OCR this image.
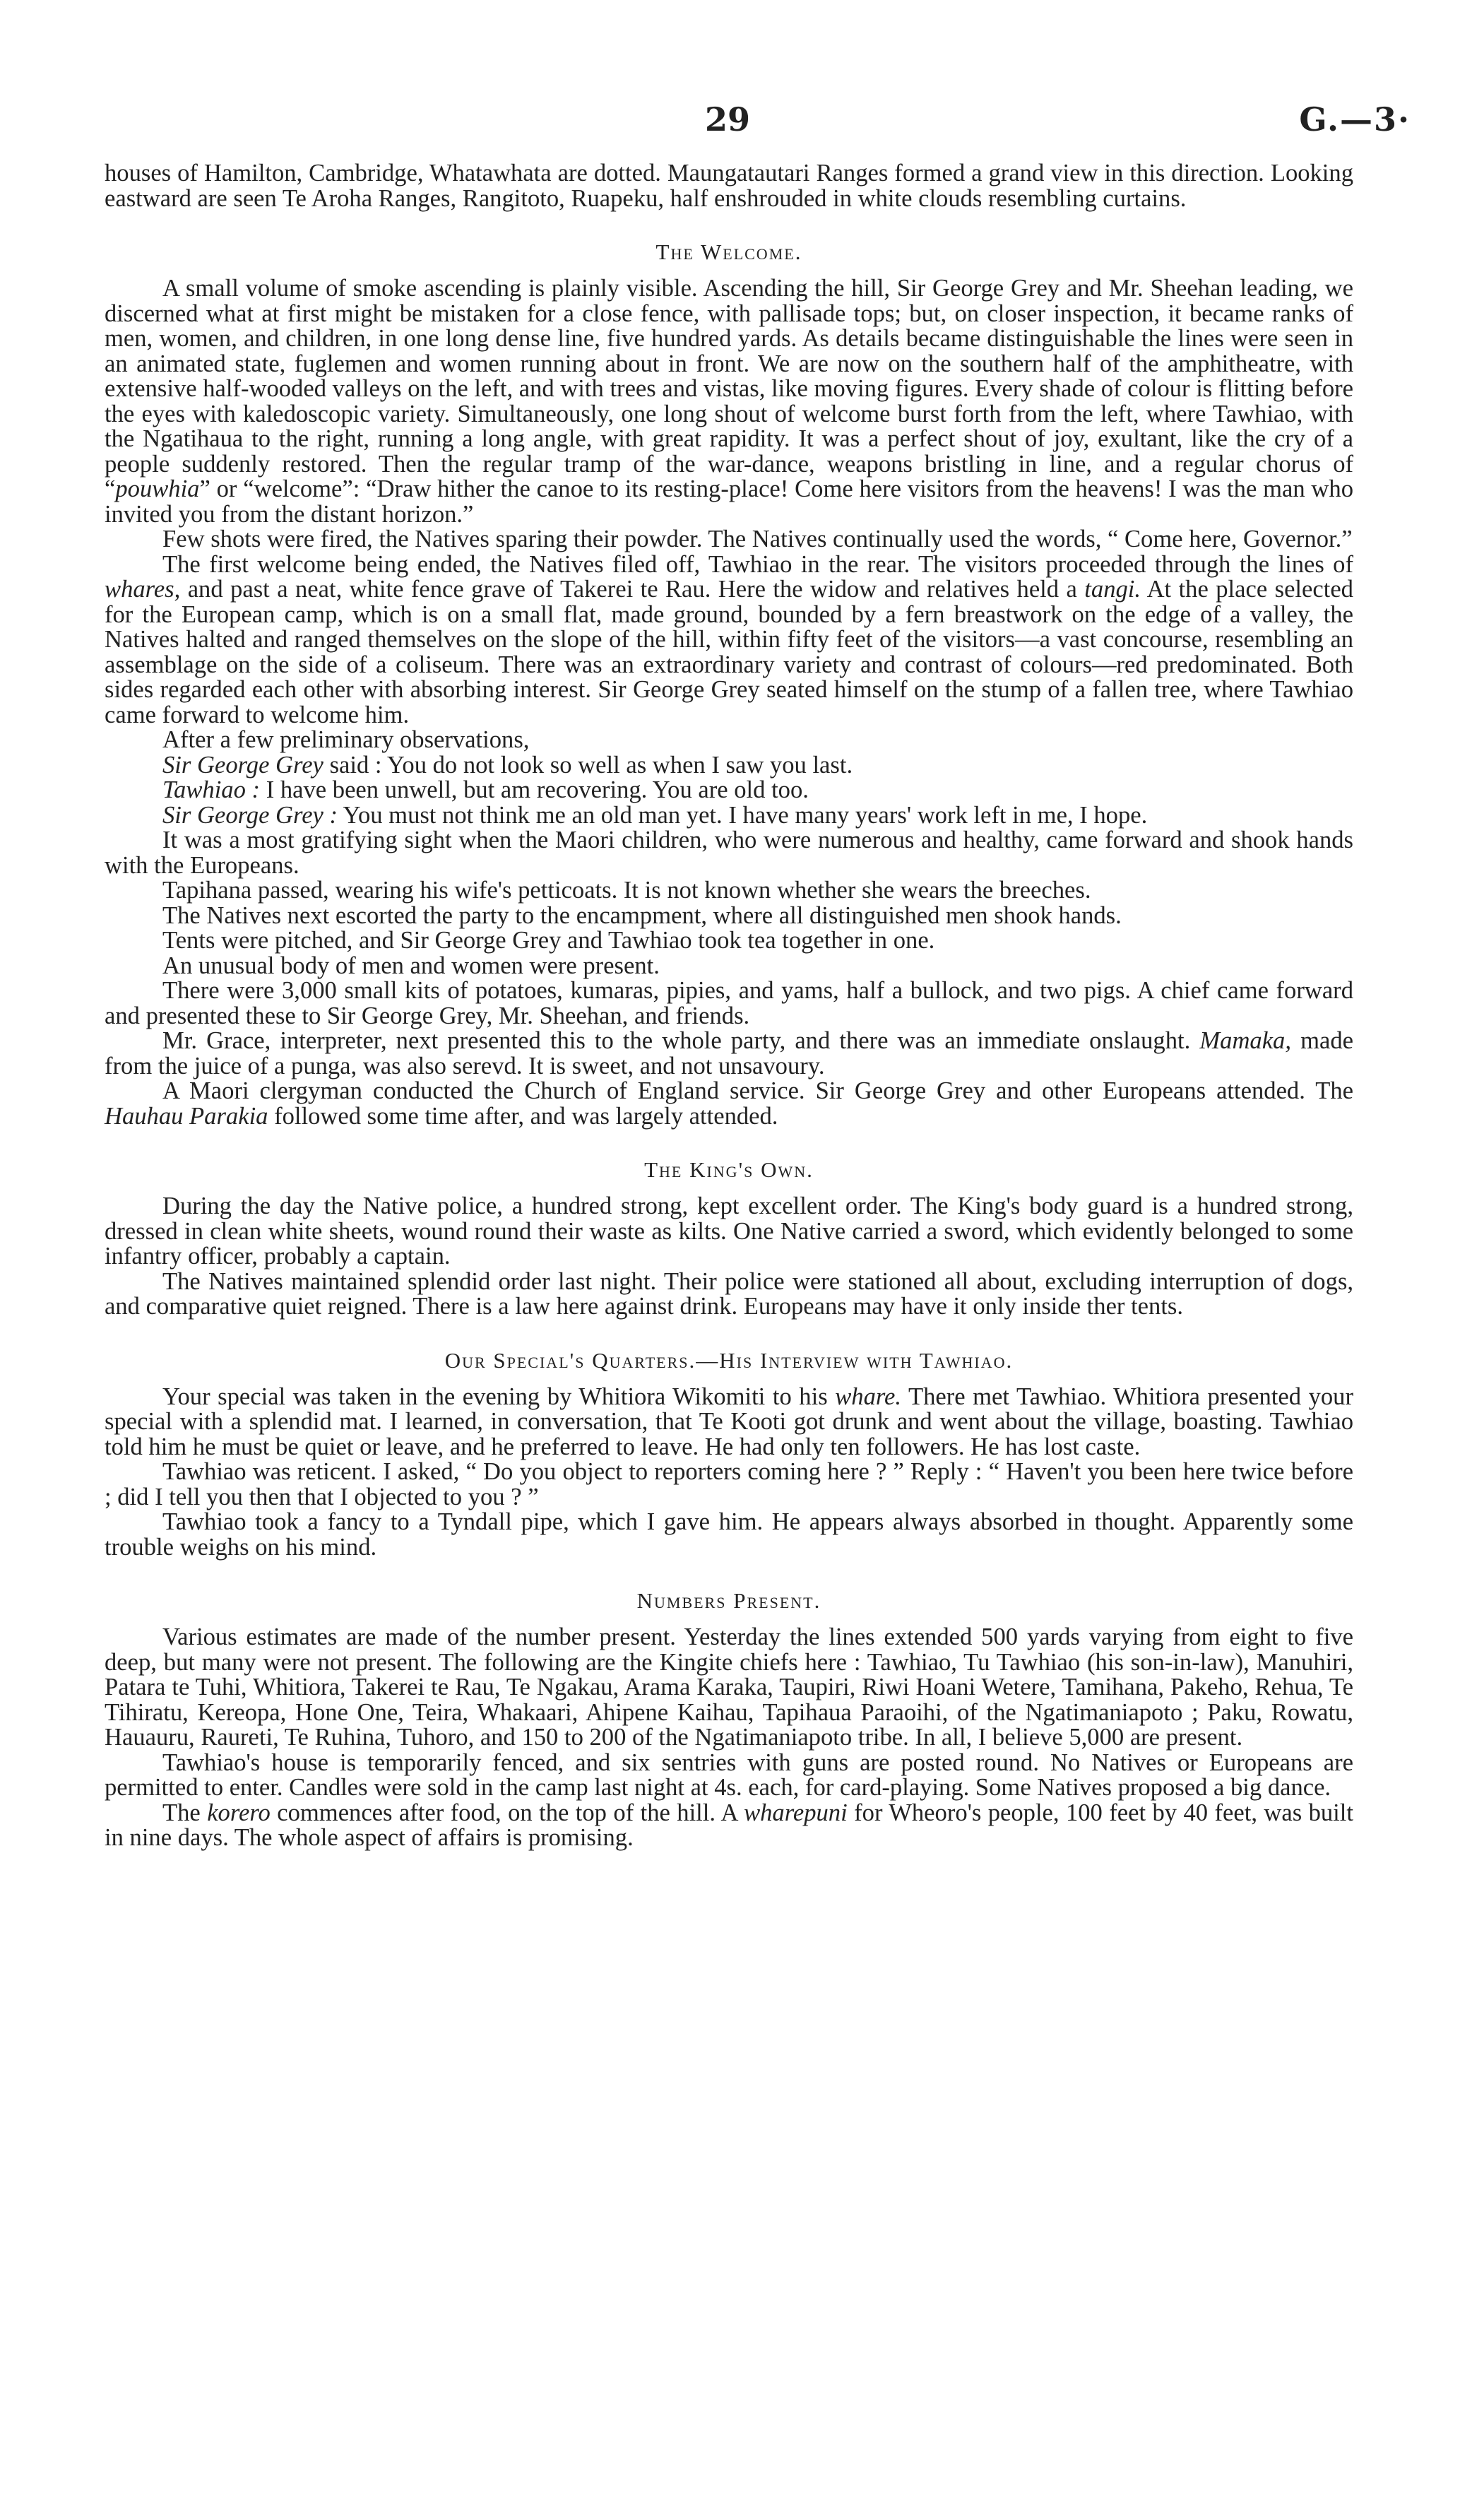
29	G.—3·

houses of Hamilton, Cambridge, Whatawhata are dotted. Maungatautari Ranges formed a grand view in this direction. Looking eastward are seen Te Aroha Ranges, Rangitoto, Ruapeku, half enshrouded in white clouds resembling curtains.

The Welcome.

A small volume of smoke ascending is plainly visible. Ascending the hill, Sir George Grey and Mr. Sheehan leading, we discerned what at first might be mistaken for a close fence, with pallisade tops; but, on closer inspection, it became ranks of men, women, and children, in one long dense line, five hundred yards. As details became distinguishable the lines were seen in an animated state, fuglemen and women running about in front. We are now on the southern half of the amphitheatre, with extensive half-wooded valleys on the left, and with trees and vistas, like moving figures. Every shade of colour is flitting before the eyes with kaledoscopic variety. Simultaneously, one long shout of welcome burst forth from the left, where Tawhiao, with the Ngatihaua to the right, running a long angle, with great rapidity. It was a perfect shout of joy, exultant, like the cry of a people suddenly restored. Then the regular tramp of the war-dance, weapons bristling in line, and a regular chorus of “pouwhia” or “welcome”: “Draw hither the canoe to its resting-place! Come here visitors from the heavens! I was the man who invited you from the distant horizon.”

Few shots were fired, the Natives sparing their powder. The Natives continually used the words, “ Come here, Governor.”

The first welcome being ended, the Natives filed off, Tawhiao in the rear. The visitors proceeded through the lines of whares, and past a neat, white fence grave of Takerei te Rau. Here the widow and relatives held a tangi. At the place selected for the European camp, which is on a small flat, made ground, bounded by a fern breastwork on the edge of a valley, the Natives halted and ranged themselves on the slope of the hill, within fifty feet of the visitors—a vast concourse, resembling an assemblage on the side of a coliseum. There was an extraordinary variety and contrast of colours—red predominated. Both sides regarded each other with absorbing interest. Sir George Grey seated himself on the stump of a fallen tree, where Tawhiao came forward to welcome him.

After a few preliminary observations,

Sir George Grey said : You do not look so well as when I saw you last.

Tawhiao : I have been unwell, but am recovering. You are old too.

Sir George Grey : You must not think me an old man yet. I have many years' work left in me, I hope.

It was a most gratifying sight when the Maori children, who were numerous and healthy, came forward and shook hands with the Europeans.

Tapihana passed, wearing his wife's petticoats. It is not known whether she wears the breeches.

The Natives next escorted the party to the encampment, where all distinguished men shook hands.

Tents were pitched, and Sir George Grey and Tawhiao took tea together in one.

An unusual body of men and women were present.

There were 3,000 small kits of potatoes, kumaras, pipies, and yams, half a bullock, and two pigs. A chief came forward and presented these to Sir George Grey, Mr. Sheehan, and friends.

Mr. Grace, interpreter, next presented this to the whole party, and there was an immediate onslaught. Mamaka, made from the juice of a punga, was also serevd. It is sweet, and not unsavoury.

A Maori clergyman conducted the Church of England service. Sir George Grey and other Europeans attended. The Hauhau Parakia followed some time after, and was largely attended.

The King's Own.

During the day the Native police, a hundred strong, kept excellent order. The King's body guard is a hundred strong, dressed in clean white sheets, wound round their waste as kilts. One Native carried a sword, which evidently belonged to some infantry officer, probably a captain.

The Natives maintained splendid order last night. Their police were stationed all about, excluding interruption of dogs, and comparative quiet reigned. There is a law here against drink. Europeans may have it only inside ther tents.

Our Special's Quarters.—His Interview with Tawhiao.

Your special was taken in the evening by Whitiora Wikomiti to his whare. There met Tawhiao. Whitiora presented your special with a splendid mat. I learned, in conversation, that Te Kooti got drunk and went about the village, boasting. Tawhiao told him he must be quiet or leave, and he preferred to leave. He had only ten followers. He has lost caste.

Tawhiao was reticent. I asked, “ Do you object to reporters coming here ? ” Reply : “ Haven't you been here twice before ; did I tell you then that I objected to you ? ”

Tawhiao took a fancy to a Tyndall pipe, which I gave him. He appears always absorbed in thought. Apparently some trouble weighs on his mind.

Numbers Present.

Various estimates are made of the number present. Yesterday the lines extended 500 yards varying from eight to five deep, but many were not present. The following are the Kingite chiefs here : Tawhiao, Tu Tawhiao (his son-in-law), Manuhiri, Patara te Tuhi, Whitiora, Takerei te Rau, Te Ngakau, Arama Karaka, Taupiri, Riwi Hoani Wetere, Tamihana, Pakeho, Rehua, Te Tihiratu, Kereopa, Hone One, Teira, Whakaari, Ahipene Kaihau, Tapihaua Paraoihi, of the Ngatimaniapoto ; Paku, Rowatu, Hauauru, Raureti, Te Ruhina, Tuhoro, and 150 to 200 of the Ngatimaniapoto tribe. In all, I believe 5,000 are present.

Tawhiao's house is temporarily fenced, and six sentries with guns are posted round. No Natives or Europeans are permitted to enter. Candles were sold in the camp last night at 4s. each, for card-playing. Some Natives proposed a big dance.

The korero commences after food, on the top of the hill. A wharepuni for Wheoro's people, 100 feet by 40 feet, was built in nine days. The whole aspect of affairs is promising.
